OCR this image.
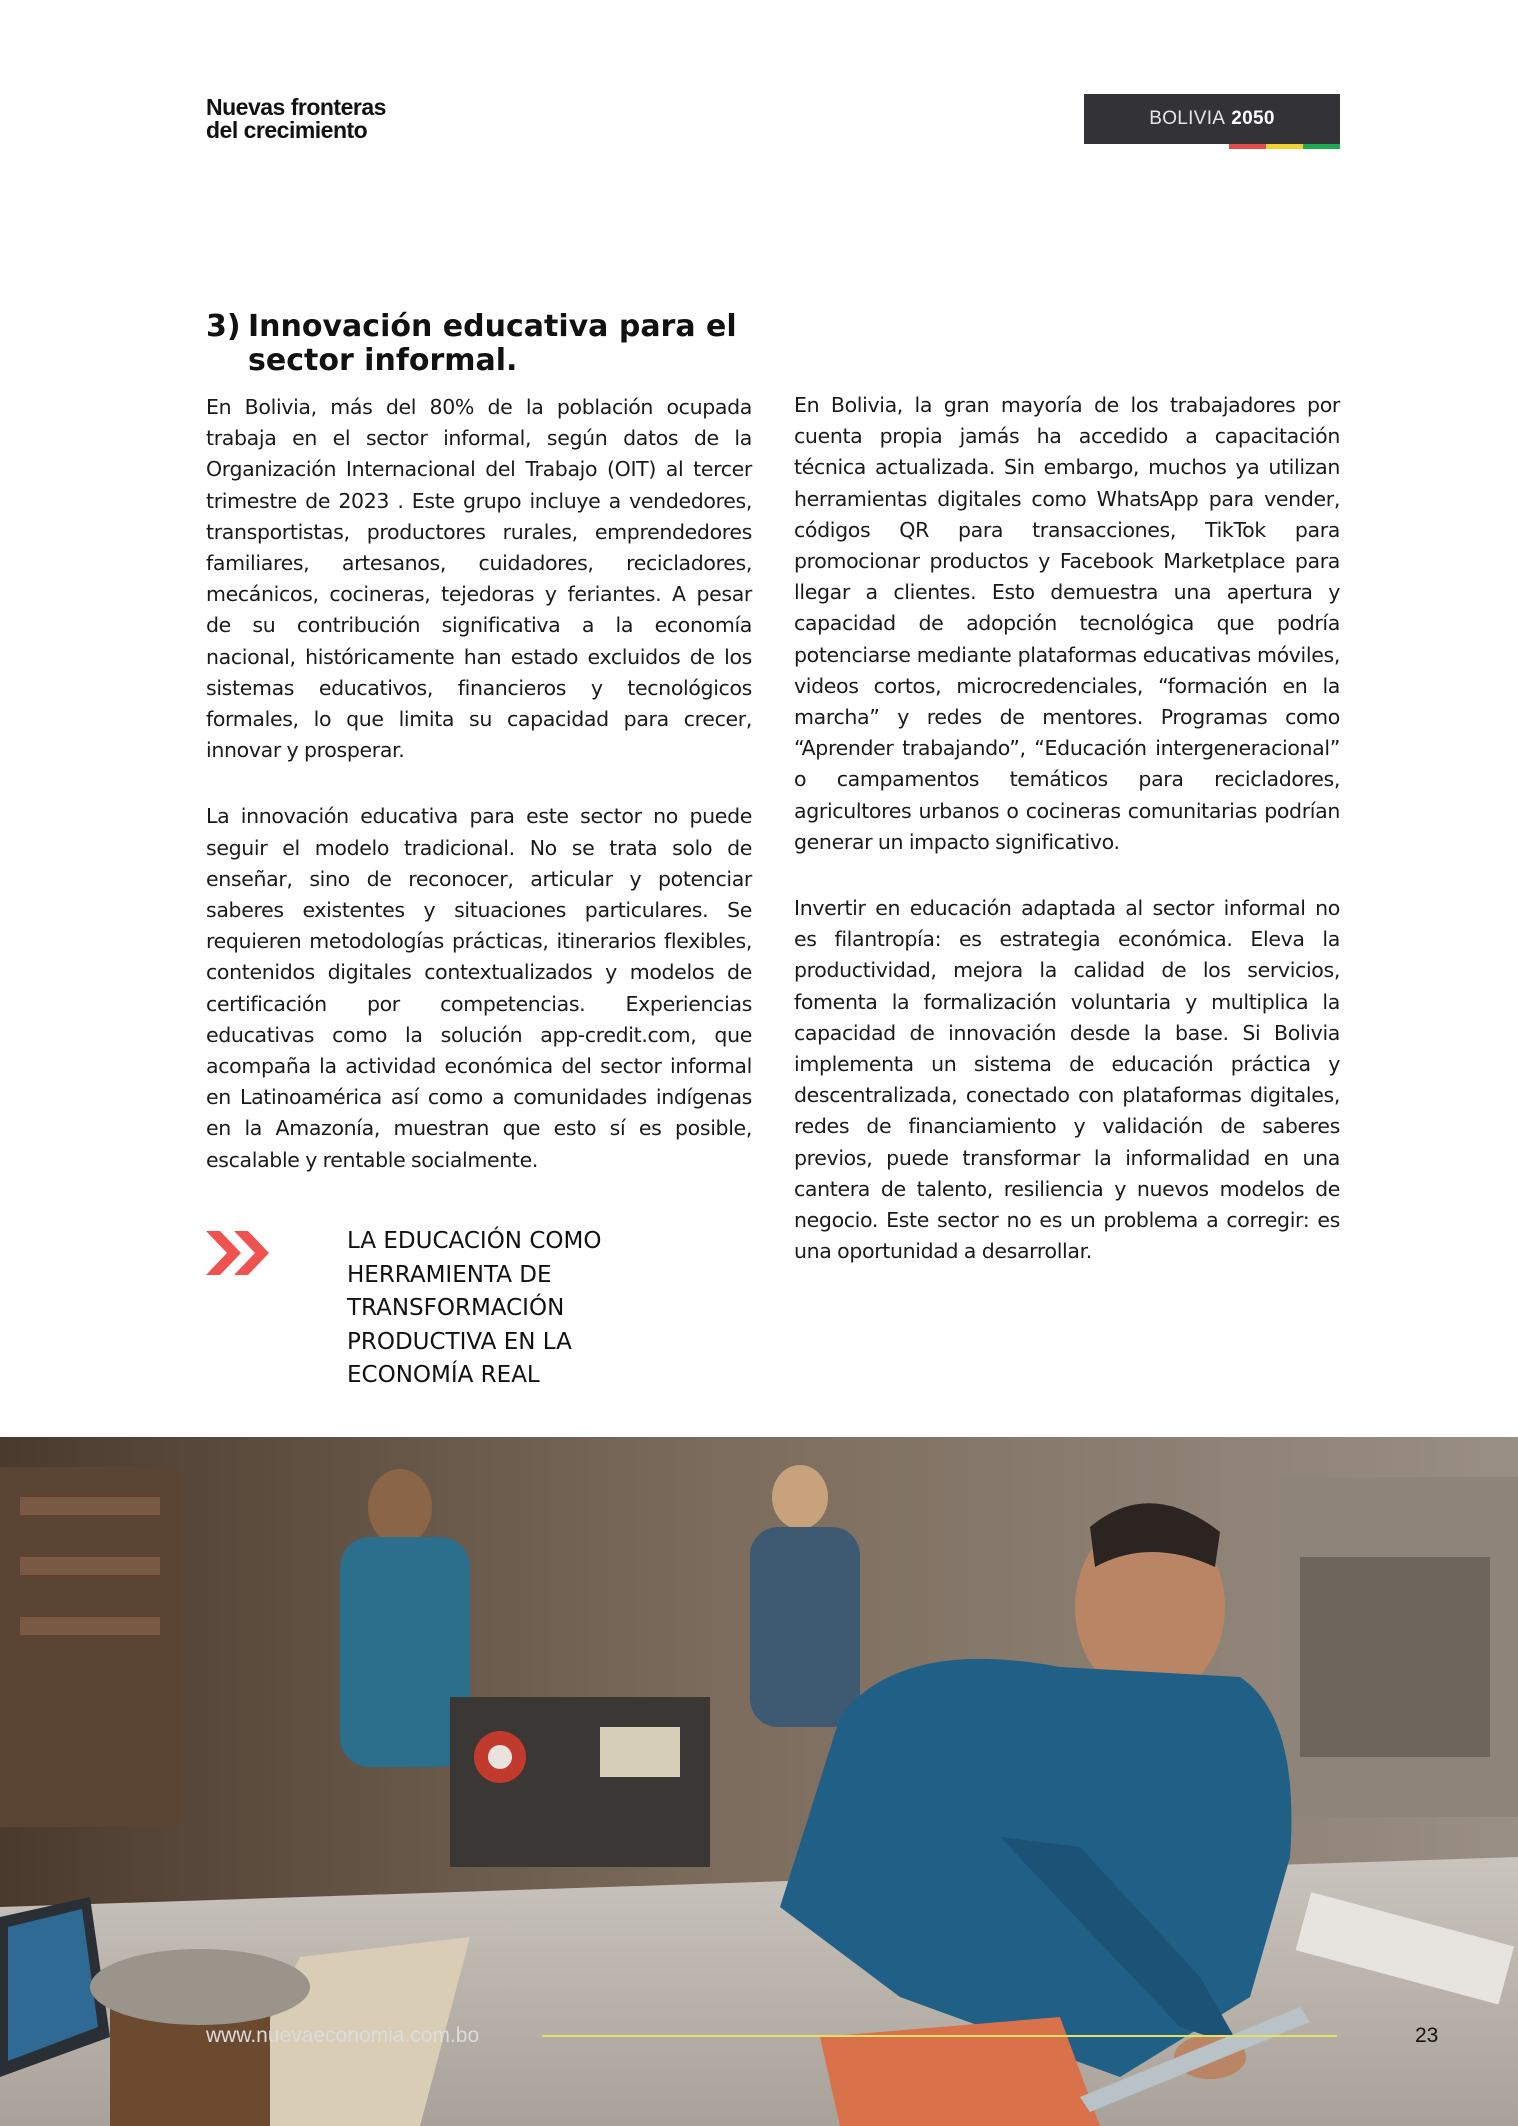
Nuevas fronteras
del crecimiento	BOLIVIA 2050
3) Innovación educativa para el sector informal.

En Bolivia, más del 80% de la población ocupada trabaja en el sector informal, según datos de la Organización Internacional del Trabajo (OIT) al tercer trimestre de 2023 . Este grupo incluye a vendedores, transportistas, productores rurales, emprendedores familiares, artesanos, cuidadores, recicladores, mecánicos, cocineras, tejedoras y feriantes. A pesar de su contribución significativa a la economía nacional, históricamente han estado excluidos de los sistemas educativos, financieros y tecnológicos formales, lo que limita su capacidad para crecer, innovar y prosperar.

La innovación educativa para este sector no puede seguir el modelo tradicional. No se trata solo de enseñar, sino de reconocer, articular y potenciar saberes existentes y situaciones particulares. Se requieren metodologías prácticas, itinerarios flexibles, contenidos digitales contextualizados y modelos de certificación por competencias. Experiencias educativas como la solución app-credit.com, que acompaña la actividad económica del sector informal en Latinoamérica así como a comunidades indígenas en la Amazonía, muestran que esto sí es posible, escalable y rentable socialmente.

En Bolivia, la gran mayoría de los trabajadores por cuenta propia jamás ha accedido a capacitación técnica actualizada. Sin embargo, muchos ya utilizan herramientas digitales como WhatsApp para vender, códigos QR para transacciones, TikTok para promocionar productos y Facebook Marketplace para llegar a clientes. Esto demuestra una apertura y capacidad de adopción tecnológica que podría potenciarse mediante plataformas educativas móviles, videos cortos, microcredenciales, “formación en la marcha” y redes de mentores. Programas como “Aprender trabajando”, “Educación intergeneracional” o campamentos temáticos para recicladores, agricultores urbanos o cocineras comunitarias podrían generar un impacto significativo.

Invertir en educación adaptada al sector informal no es filantropía: es estrategia económica. Eleva la productividad, mejora la calidad de los servicios, fomenta la formalización voluntaria y multiplica la capacidad de innovación desde la base. Si Bolivia implementa un sistema de educación práctica y descentralizada, conectado con plataformas digitales, redes de financiamiento y validación de saberes previos, puede transformar la informalidad en una cantera de talento, resiliencia y nuevos modelos de negocio. Este sector no es un problema a corregir: es una oportunidad a desarrollar.

LA EDUCACIÓN COMO HERRAMIENTA DE TRANSFORMACIÓN PRODUCTIVA EN LA ECONOMÍA REAL

www.nuevaeconomia.com.bo	23
